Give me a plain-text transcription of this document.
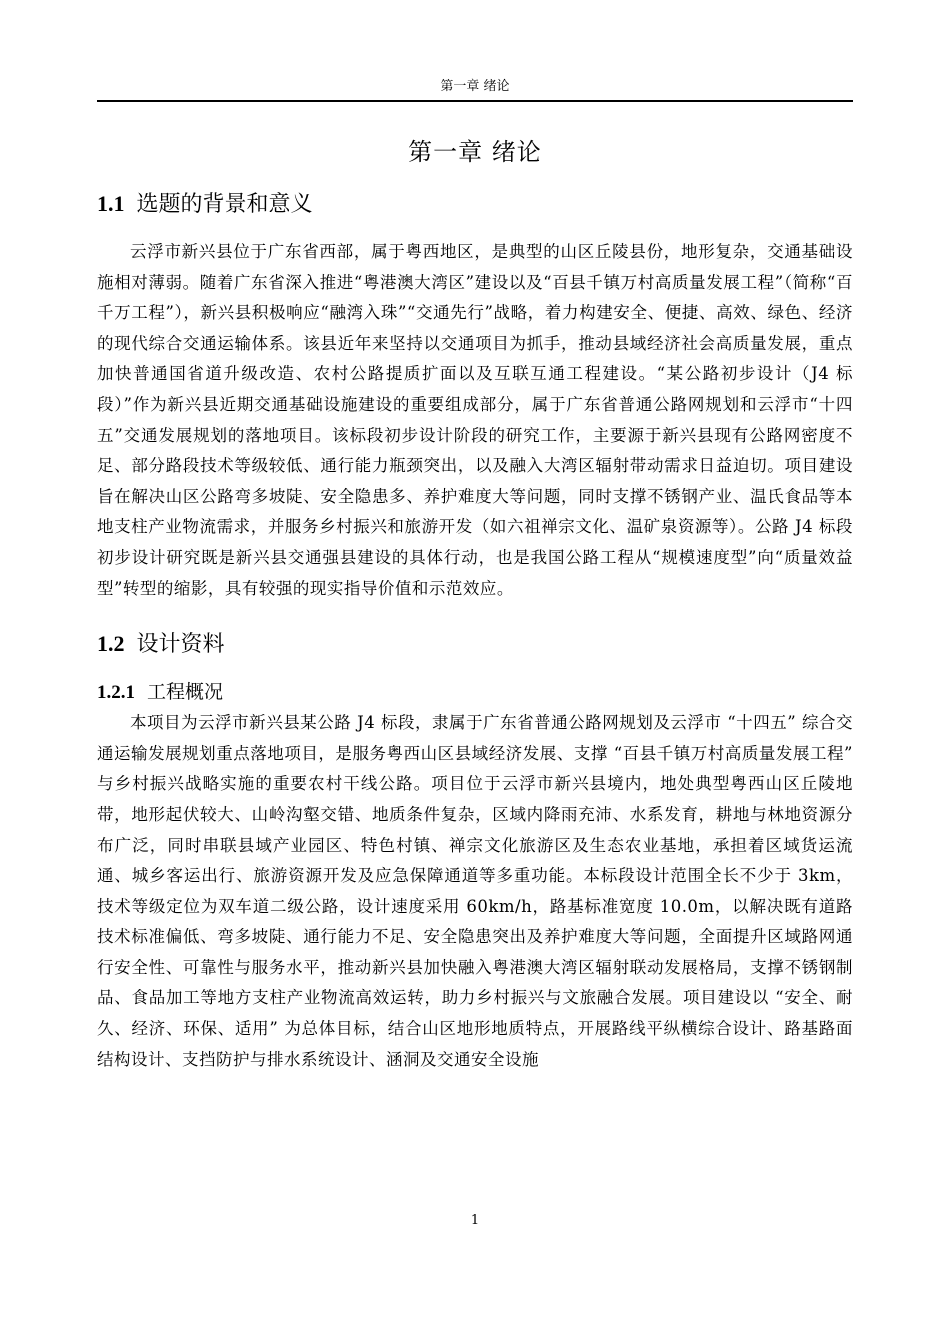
第一章 绪论
第一章 绪论
1.1 选题的背景和意义

云浮市新兴县位于广东省西部，属于粤西地区，是典型的山区丘陵县份，地形复杂，交通基础设施相对薄弱。随着广东省深入推进“粤港澳大湾区”建设以及“百县千镇万村高质量发展工程”（简称“百千万工程”），新兴县积极响应“融湾入珠”“交通先行”战略，着力构建安全、便捷、高效、绿色、经济的现代综合交通运输体系。该县近年来坚持以交通项目为抓手，推动县域经济社会高质量发展，重点加快普通国省道升级改造、农村公路提质扩面以及互联互通工程建设。“某公路初步设计（J4 标段）”作为新兴县近期交通基础设施建设的重要组成部分，属于广东省普通公路网规划和云浮市“十四五”交通发展规划的落地项目。该标段初步设计阶段的研究工作，主要源于新兴县现有公路网密度不足、部分路段技术等级较低、通行能力瓶颈突出，以及融入大湾区辐射带动需求日益迫切。项目建设旨在解决山区公路弯多坡陡、安全隐患多、养护难度大等问题，同时支撑不锈钢产业、温氏食品等本地支柱产业物流需求，并服务乡村振兴和旅游开发（如六祖禅宗文化、温矿泉资源等）。公路 J4 标段初步设计研究既是新兴县交通强县建设的具体行动，也是我国公路工程从“规模速度型”向“质量效益型”转型的缩影，具有较强的现实指导价值和示范效应。

1.2 设计资料
1.2.1 工程概况

本项目为云浮市新兴县某公路 J4 标段，隶属于广东省普通公路网规划及云浮市 “十四五” 综合交通运输发展规划重点落地项目，是服务粤西山区县域经济发展、支撑 “百县千镇万村高质量发展工程” 与乡村振兴战略实施的重要农村干线公路。项目位于云浮市新兴县境内，地处典型粤西山区丘陵地带，地形起伏较大、山岭沟壑交错、地质条件复杂，区域内降雨充沛、水系发育，耕地与林地资源分布广泛，同时串联县域产业园区、特色村镇、禅宗文化旅游区及生态农业基地，承担着区域货运流通、城乡客运出行、旅游资源开发及应急保障通道等多重功能。本标段设计范围全长不少于 3km，技术等级定位为双车道二级公路，设计速度采用 60km/h，路基标准宽度 10.0m，以解决既有道路技术标准偏低、弯多坡陡、通行能力不足、安全隐患突出及养护难度大等问题，全面提升区域路网通行安全性、可靠性与服务水平，推动新兴县加快融入粤港澳大湾区辐射联动发展格局，支撑不锈钢制品、食品加工等地方支柱产业物流高效运转，助力乡村振兴与文旅融合发展。项目建设以 “安全、耐久、经济、环保、适用” 为总体目标，结合山区地形地质特点，开展路线平纵横综合设计、路基路面结构设计、支挡防护与排水系统设计、涵洞及交通安全设施

1
